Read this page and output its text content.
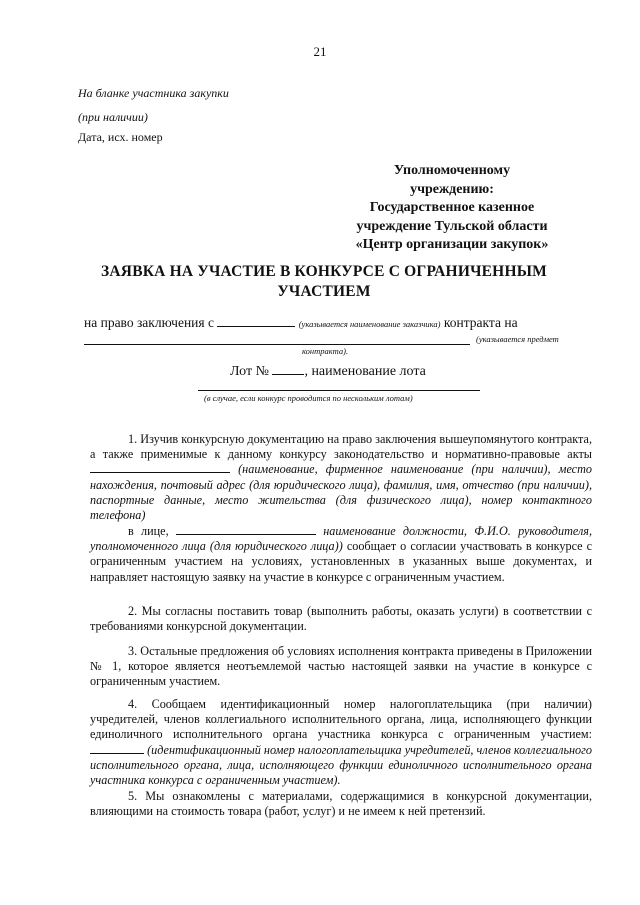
21
На бланке участника закупки
(при наличии)
Дата, исх. номер
Уполномоченному
учреждению:
Государственное казенное
учреждение Тульской области
«Центр организации закупок»
ЗАЯВКА НА УЧАСТИЕ В КОНКУРСЕ С ОГРАНИЧЕННЫМ
УЧАСТИЕМ
на право заключения с	(указывается наименование заказчика) контракта на
(указывается предмет
контракта).
Лот №	, наименование лота
(в случае, если конкурс проводится по нескольким лотам)
1. Изучив конкурсную документацию на право заключения вышеупомянутого контракта, а также применимые к данному конкурсу законодательство и нормативно-правовые акты  (наименование, фирменное наименование (при наличии), место нахождения, почтовый адрес (для юридического лица), фамилия, имя, отчество (при наличии), паспортные данные, место жительства (для физического лица), номер контактного телефона)
в лице,	наименование должности, Ф.И.О. руководителя, уполномоченного лица (для юридического лица)) сообщает о согласии участвовать в конкурсе с ограниченным участием на условиях, установленных в указанных выше документах, и направляет настоящую заявку на участие в конкурсе с ограниченным участием.
2. Мы согласны поставить товар (выполнить работы, оказать услуги) в соответствии с требованиями конкурсной документации.
3. Остальные предложения об условиях исполнения контракта приведены в Приложении № 1, которое является неотъемлемой частью настоящей заявки на участие в конкурсе с ограниченным участием.
4. Сообщаем идентификационный номер налогоплательщика (при наличии) учредителей, членов коллегиального исполнительного органа, лица, исполняющего функции единоличного исполнительного органа участника конкурса с ограниченным участием:  (идентификационный номер налогоплательщика учредителей, членов коллегиального исполнительного органа, лица, исполняющего функции единоличного исполнительного органа участника конкурса с ограниченным участием).
5. Мы ознакомлены с материалами, содержащимися в конкурсной документации, влияющими на стоимость товара (работ, услуг) и не имеем к ней претензий.
